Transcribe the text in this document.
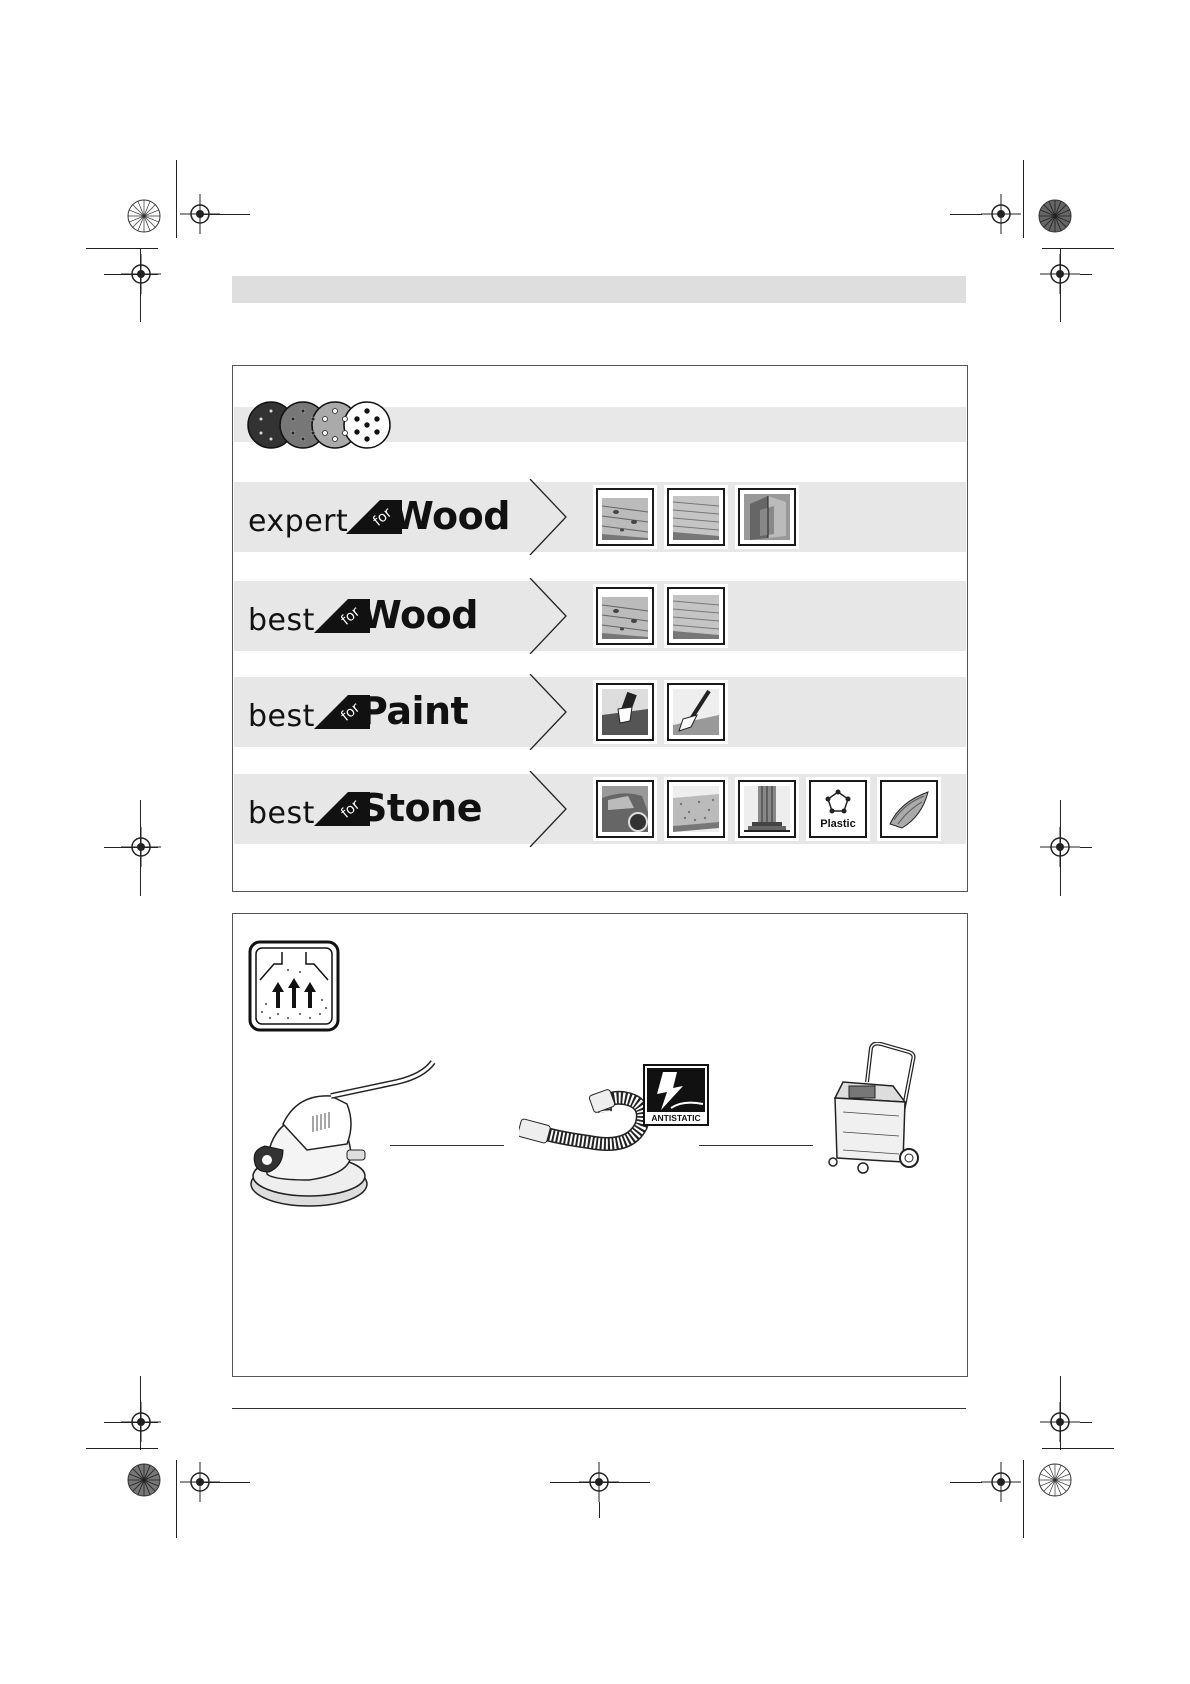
expert for
Wood
best for
Wood
best for
Paint
best for
Stone	Plastic
ANTISTATIC
